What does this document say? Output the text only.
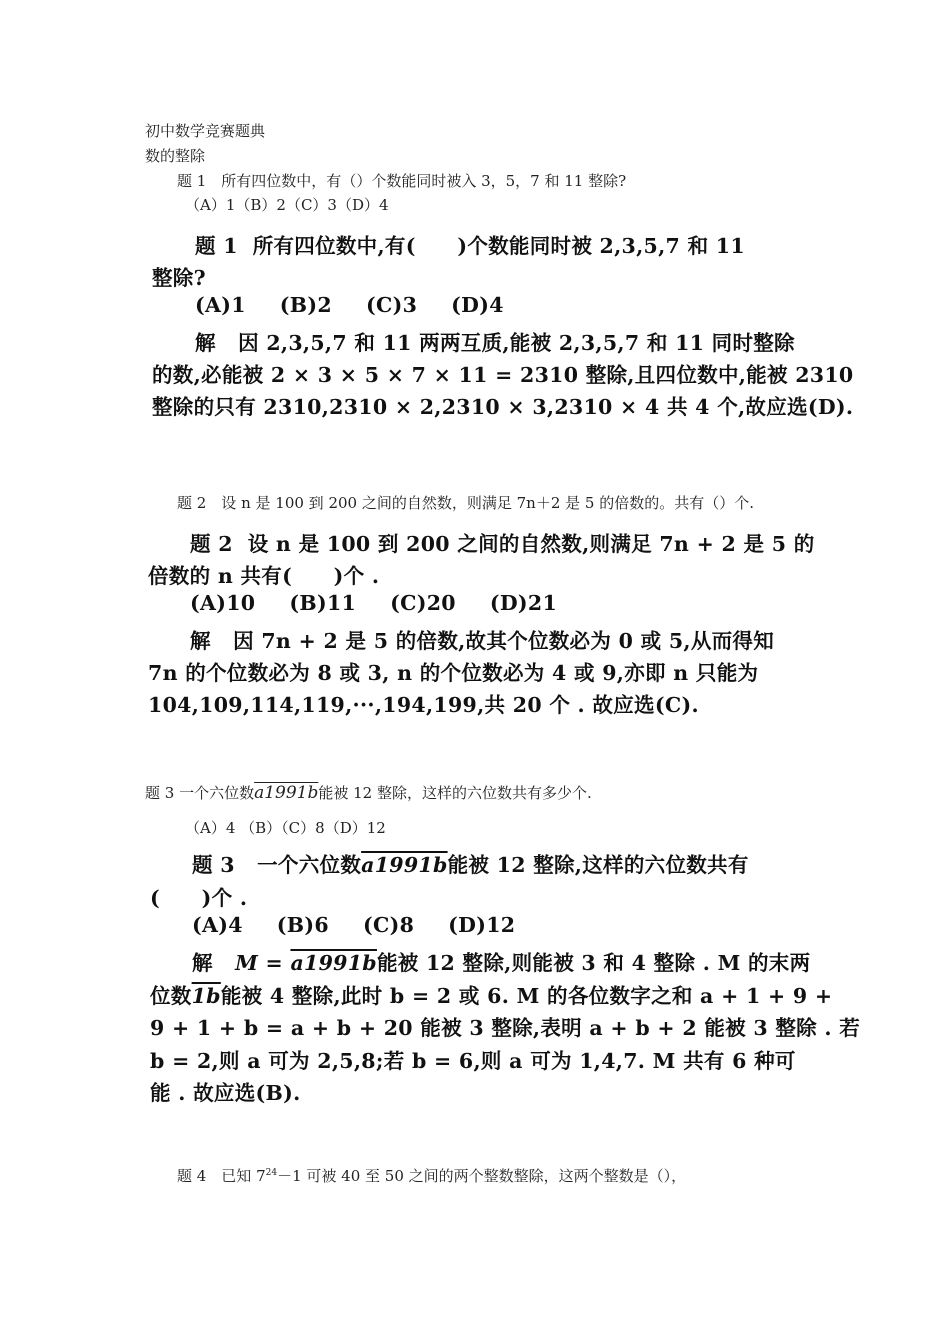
初中数学竞赛题典
数的整除
题 1　所有四位数中，有（）个数能同时被入 3，5，7 和 11 整除?
（A）1（B）2（C）3（D）4
题 1 所有四位数中,有(　　)个数能同时被 2,3,5,7 和 11
整除?
(A)1 (B)2 (C)3 (D)4
解 因 2,3,5,7 和 11 两两互质,能被 2,3,5,7 和 11 同时整除
的数,必能被 2 × 3 × 5 × 7 × 11 = 2310 整除,且四位数中,能被 2310
整除的只有 2310,2310 × 2,2310 × 3,2310 × 4 共 4 个,故应选(D).
题 2　设 n 是 100 到 200 之间的自然数，则满足 7n＋2 是 5 的倍数的。共有（）个.
题 2 设 n 是 100 到 200 之间的自然数,则满足 7n + 2 是 5 的
倍数的 n 共有(　　)个 .
(A)10 (B)11 (C)20 (D)21
解 因 7n + 2 是 5 的倍数,故其个位数必为 0 或 5,从而得知
7n 的个位数必为 8 或 3, n 的个位数必为 4 或 9,亦即 n 只能为
104,109,114,119,···,194,199,共 20 个 . 故应选(C).
题 3 一个六位数a1991b能被 12 整除，这样的六位数共有多少个.
（A）4 （B）（C）8（D）12
题 3 一个六位数a1991b能被 12 整除,这样的六位数共有
(　　)个 .
(A)4 (B)6 (C)8 (D)12
解 M = a1991b能被 12 整除,则能被 3 和 4 整除 . M 的末两
位数1b能被 4 整除,此时 b = 2 或 6. M 的各位数字之和 a + 1 + 9 +
9 + 1 + b = a + b + 20 能被 3 整除,表明 a + b + 2 能被 3 整除 . 若
b = 2,则 a 可为 2,5,8;若 b = 6,则 a 可为 1,4,7. M 共有 6 种可
能 . 故应选(B).
题 4　已知 $7^{24}-1$ 可被 40 至 50 之间的两个整数整除，这两个整数是（），
